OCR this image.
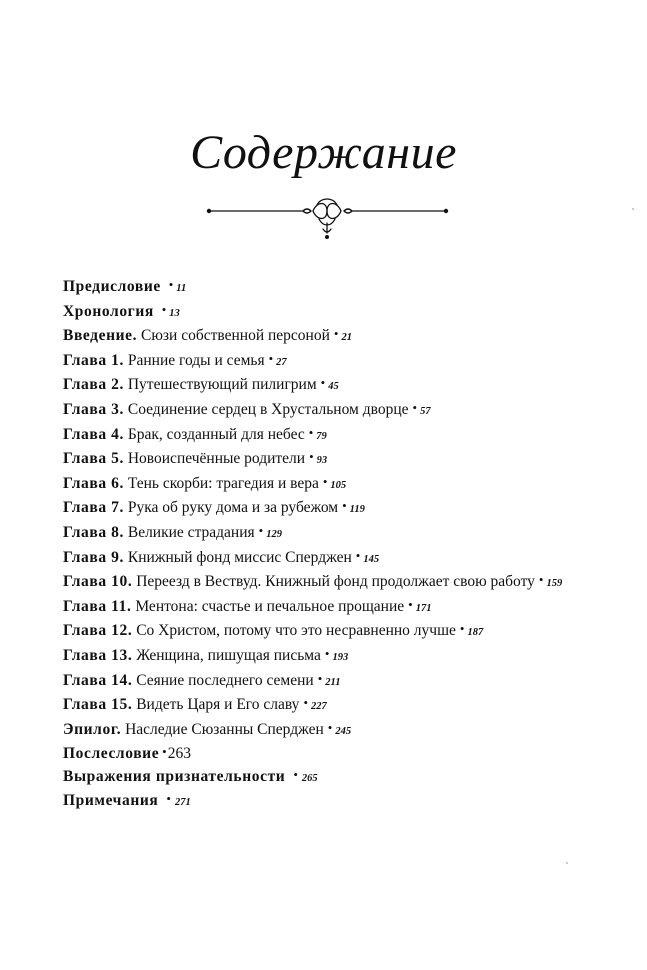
Содержание
Предисловие • 11
Хронология • 13
Введение. Сюзи собственной персоной • 21
Глава 1. Ранние годы и семья • 27
Глава 2. Путешествующий пилигрим • 45
Глава 3. Соединение сердец в Хрустальном дворце • 57
Глава 4. Брак, созданный для небес • 79
Глава 5. Новоиспечённые родители • 93
Глава 6. Тень скорби: трагедия и вера • 105
Глава 7. Рука об руку дома и за рубежом • 119
Глава 8. Великие страдания • 129
Глава 9. Книжный фонд миссис Сперджен • 145
Глава 10. Переезд в Вествуд. Книжный фонд продолжает свою работу • 159
Глава 11. Ментона: счастье и печальное прощание • 171
Глава 12. Со Христом, потому что это несравненно лучше • 187
Глава 13. Женщина, пишущая письма • 193
Глава 14. Сеяние последнего семени • 211
Глава 15. Видеть Царя и Его славу • 227
Эпилог. Наследие Сюзанны Сперджен • 245
Послесловие •263
Выражения признательности • 265
Примечания • 271
